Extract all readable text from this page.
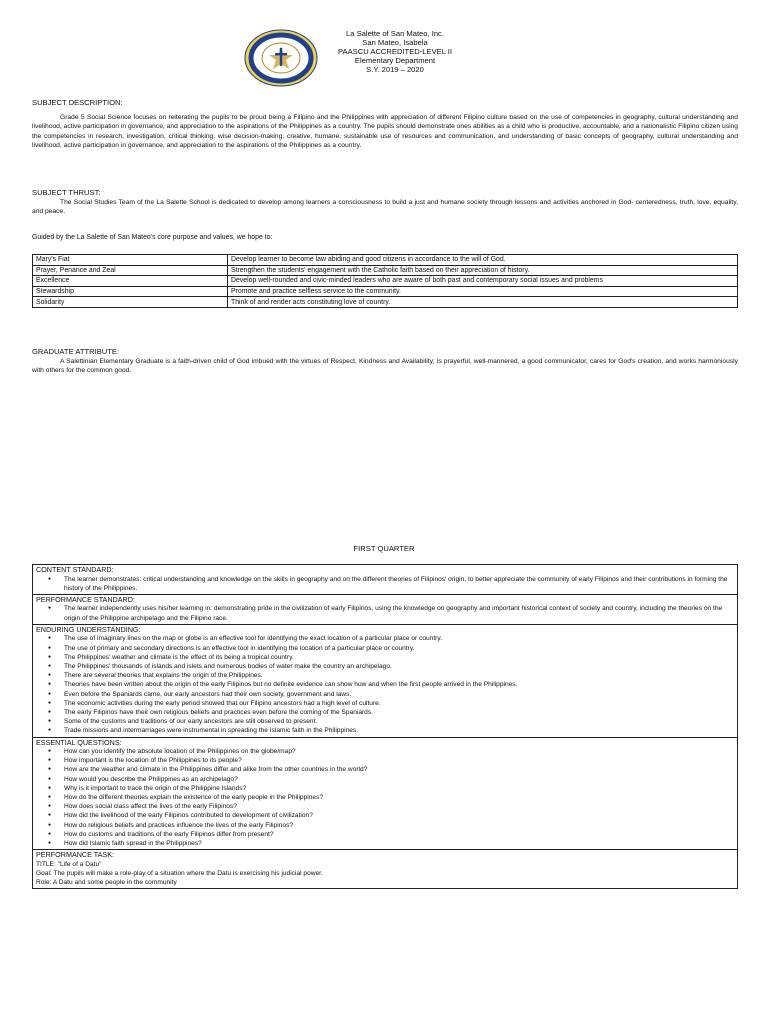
La Salette of San Mateo, Inc.
San Mateo, Isabela
PAASCU ACCREDITED-LEVEL II
Elementary Department
S.Y. 2019 – 2020
SUBJECT DESCRIPTION:
Grade 5 Social Science focuses on reiterating the pupils to be proud being a Filipino and the Philippines with appreciation of different Filipino culture based on the use of competencies in geography, cultural understanding and livelihood, active participation in governance, and appreciation to the aspirations of the Philippines as a country. The pupils should demonstrate ones abilities as a child who is productive, accountable, and a nationalistic Filipino citizen using the competencies in research, investigation, critical thinking, wise decision-making, creative, humane, sustainable use of resources and communication, and understanding of basic concepts of geography, cultural understanding and livelihood, active participation in governance, and appreciation to the aspirations of the Philippines as a country.
SUBJECT THRUST:
The Social Studies Team of the La Salette School is dedicated to develop among learners a consciousness to build a just and humane society through lessons and activities anchored in God- centeredness, truth, love, equality, and peace.
Guided by the La Salette of San Mateo's core purpose and values, we hope to:
Mary's Fiat	Develop learner to become law abiding and good citizens in accordance to the will of God.
Prayer, Penance and Zeal	Strengthen the students' engagement with the Catholic faith based on their appreciation of history.
Excellence	Develop well-rounded and civic-minded leaders who are aware of both past and contemporary social issues and problems
Stewardship	Promote and practice selfless service to the community.
Solidarity	Think of and render acts constituting love of country.
GRADUATE ATTRIBUTE:
A Salettinian Elementary Graduate is a faith-driven child of God imbued with the virtues of Respect, Kindness and Availability; is prayerful, well-mannered, a good communicator, cares for God's creation, and works harmoniously with others for the common good.
FIRST QUARTER
CONTENT STANDARD:
● The learner demonstrates: critical understanding and knowledge on the skills in geography and on the different theories of Filipinos' origin, to better appreciate the community of early Filipinos and their contributions in forming the history of the Philippines.

PERFORMANCE STANDARD:
● The learner independently uses his/her learning in: demonstrating pride in the civilization of early Filipinos, using the knowledge on geography and important historical context of society and country, including the theories on the origin of the Philippine archipelago and the Filipino race.

ENDURING UNDERSTANDING:
● The use of imaginary lines on the map or globe is an effective tool for identifying the exact location of a particular place or country.
● The use of primary and secondary directions is an effective tool in identifying the location of a particular place or country.
● The Philippines' weather and climate is the effect of its being a tropical country.
● The Philippines' thousands of islands and islets and numerous bodies of water make the country an archipelago.
● There are several theories that explains the origin of the Philippines.
● Theories have been written about the origin of the early Filipinos but no definite evidence can show how and when the first people arrived in the Philippines.
● Even before the Spaniards came, our early ancestors had their own society, government and laws.
● The economic activities during the early period showed that our Filipino ancestors had a high level of culture.
● The early Filipinos have their own religious beliefs and practices even before the coming of the Spaniards.
● Some of the customs and traditions of our early ancestors are still observed to present.
● Trade missions and intermarriages were instrumental in spreading the Islamic faith in the Philippines.

ESSENTIAL QUESTIONS:
● How can you identify the absolute location of the Philippines on the globe/map?
● How important is the location of the Philippines to its people?
● How are the weather and climate in the Philippines differ and alike from the other countries in the world?
● How would you describe the Philippines as an archipelago?
● Why is it important to trace the origin of the Philippine Islands?
● How do the different theories explain the existence of the early people in the Philippines?
● How does social class affect the lives of the early Filipinos?
● How did the livelihood of the early Filipinos contributed to development of civilization?
● How do religious beliefs and practices influence the lives of the early Filipinos?
● How do customs and traditions of the early Filipinos differ from present?
● How did Islamic faith spread in the Philippines?

PERFORMANCE TASK:
TITLE: "Life of a Datu"
Goal: The pupils will make a role-play of a situation where the Datu is exercising his judicial power.
Role: A Datu and some people in the community
